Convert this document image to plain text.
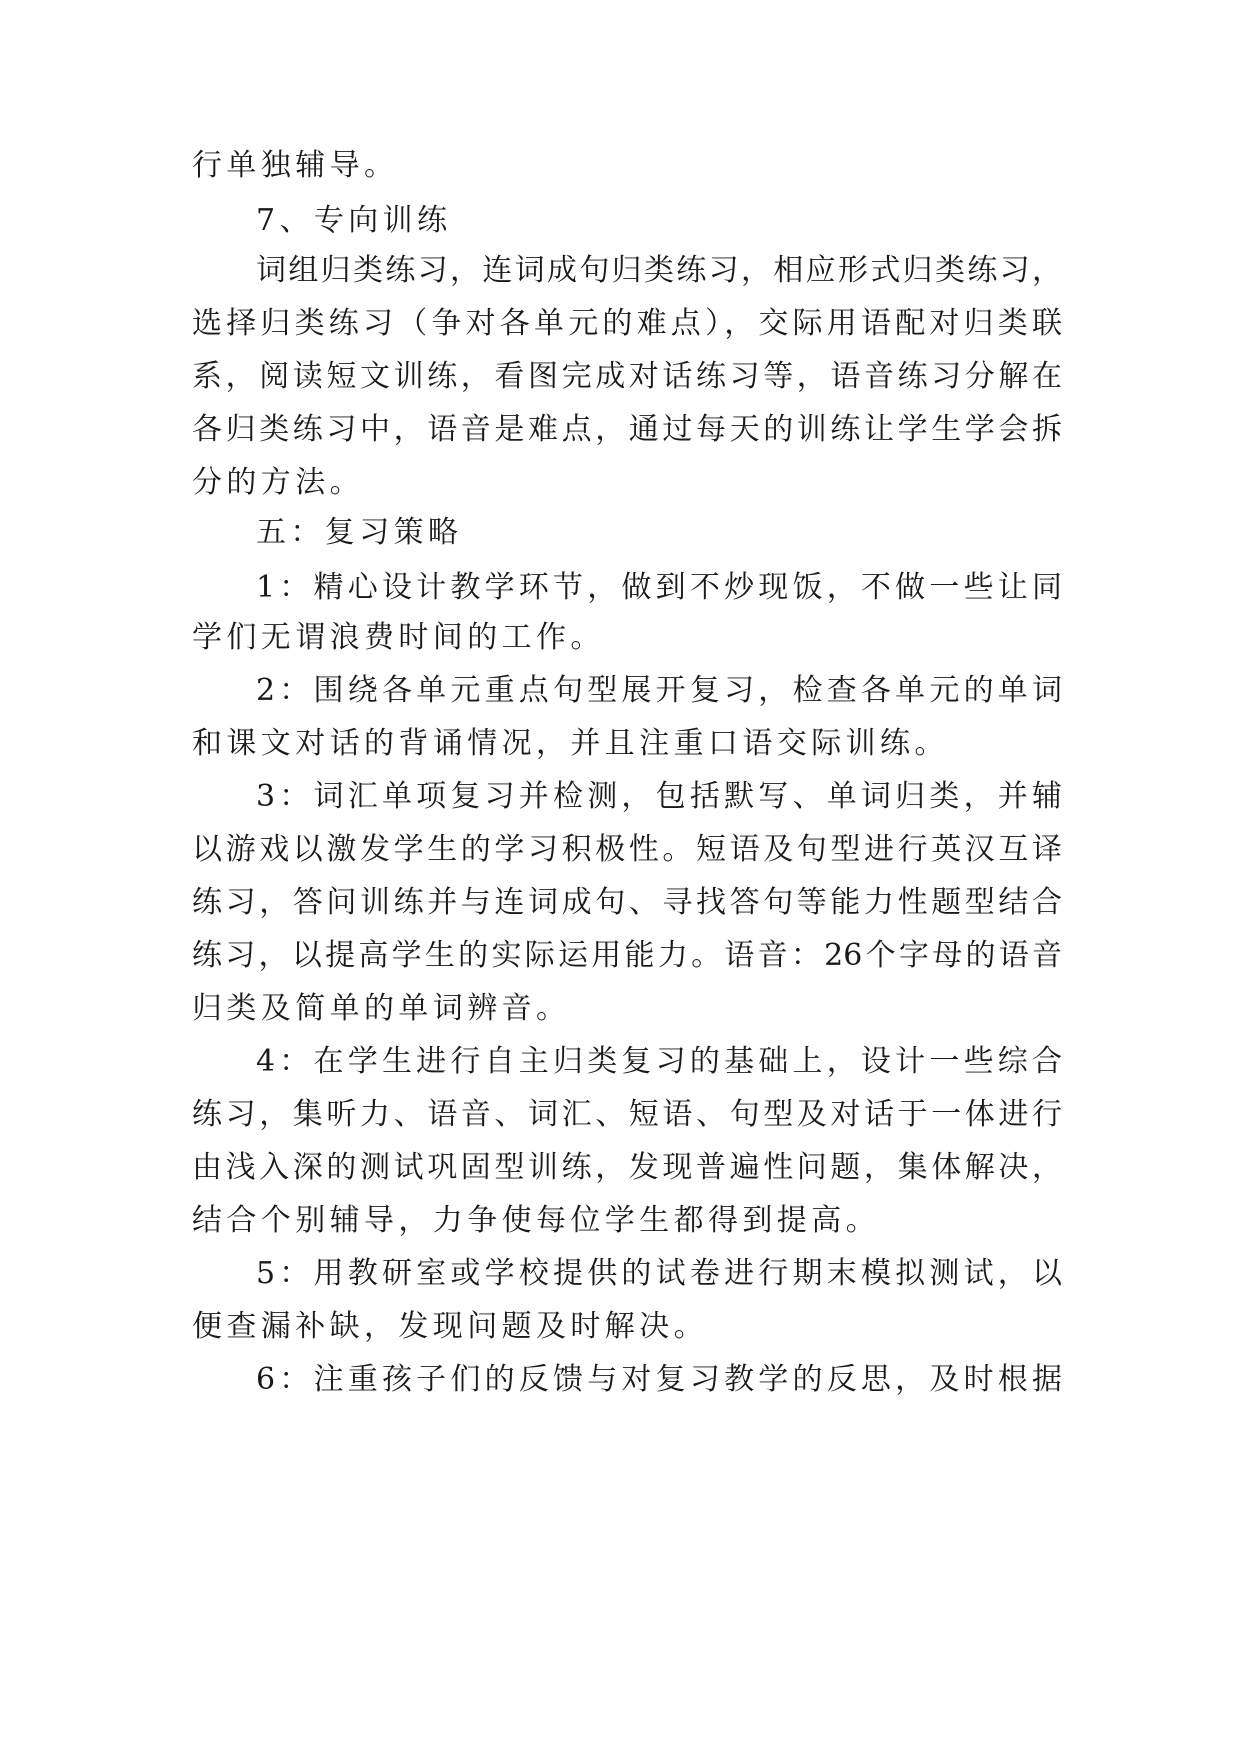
行单独辅导。
7、专向训练
词组归类练习，连词成句归类练习，相应形式归类练习，
选择归类练习（争对各单元的难点），交际用语配对归类联
系，阅读短文训练，看图完成对话练习等，语音练习分解在
各归类练习中，语音是难点，通过每天的训练让学生学会拆
分的方法。
五：复习策略
1：精心设计教学环节，做到不炒现饭，不做一些让同
学们无谓浪费时间的工作。
2：围绕各单元重点句型展开复习，检查各单元的单词
和课文对话的背诵情况，并且注重口语交际训练。
3：词汇单项复习并检测，包括默写、单词归类，并辅
以游戏以激发学生的学习积极性。短语及句型进行英汉互译
练习，答问训练并与连词成句、寻找答句等能力性题型结合
练习，以提高学生的实际运用能力。语音：26个字母的语音
归类及简单的单词辨音。
4：在学生进行自主归类复习的基础上，设计一些综合
练习，集听力、语音、词汇、短语、句型及对话于一体进行
由浅入深的测试巩固型训练，发现普遍性问题，集体解决，
结合个别辅导，力争使每位学生都得到提高。
5：用教研室或学校提供的试卷进行期末模拟测试，以
便查漏补缺，发现问题及时解决。
6：注重孩子们的反馈与对复习教学的反思，及时根据
